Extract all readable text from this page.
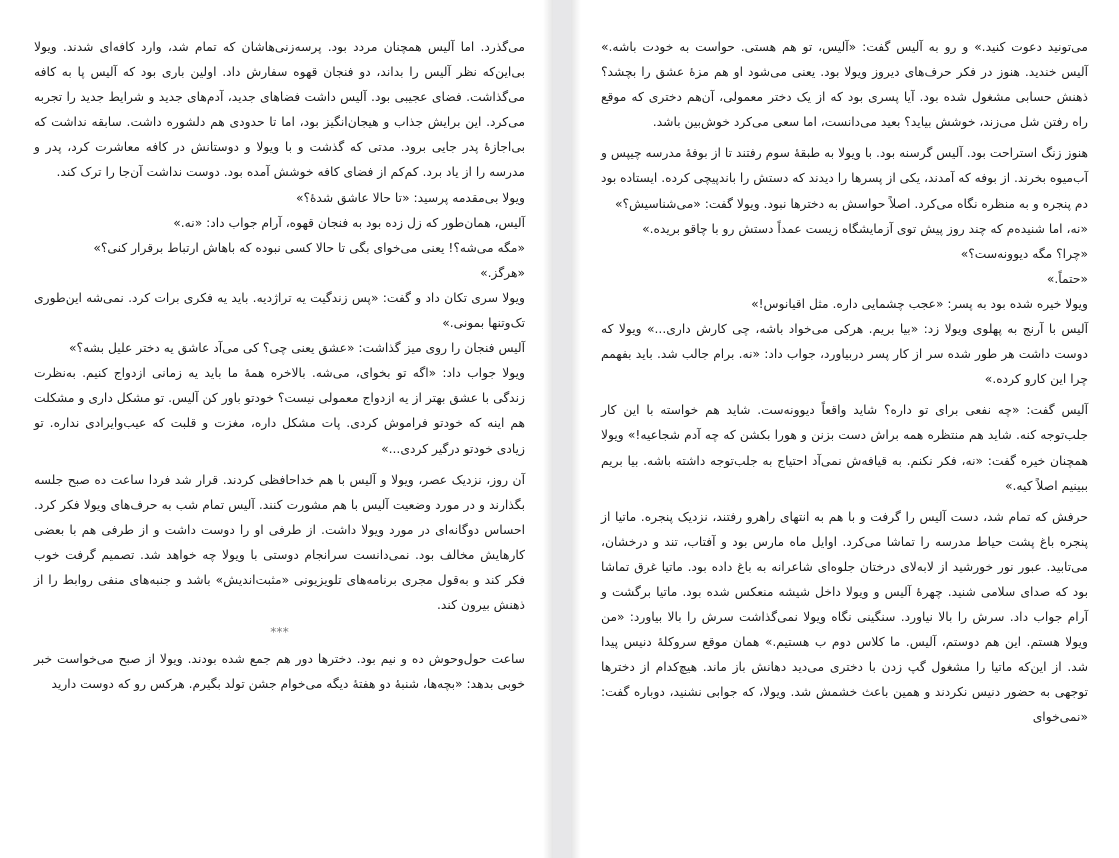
می‌گذرد. اما آلیس همچنان مردد بود. پرسه‌زنی‌هاشان که تمام شد، وارد کافه‌ای شدند. ویولا بی‌این‌که نظر آلیس را بداند، دو فنجان قهوه سفارش داد. اولین باری بود که آلیس پا به کافه می‌گذاشت. فضای عجیبی بود. آلیس داشت فضاهای جدید، آدم‌های جدید و شرایط جدید را تجربه می‌کرد. این برایش جذاب و هیجان‌انگیز بود، اما تا حدودی هم دلشوره داشت. سابقه نداشت که بی‌اجازهٔ پدر جایی برود. مدتی که گذشت و با ویولا و دوستانش در کافه معاشرت کرد، پدر و مدرسه را از یاد برد. کم‌کم از فضای کافه خوشش آمده بود. دوست نداشت آن‌جا را ترک کند.

ویولا بی‌مقدمه پرسید: «تا حالا عاشق شده‌ٔ؟»

آلیس، همان‌طور که زل زده بود به فنجان قهوه، آرام جواب داد: «نه.»

«مگه می‌شه؟! یعنی می‌خوای بگی تا حالا کسی نبوده که باهاش ارتباط برقرار کنی؟»

«هرگز.»

ویولا سری تکان داد و گفت: «پس زندگیت یه تراژدیه. باید یه فکری برات کرد. نمی‌شه این‌طوری تک‌وتنها بمونی.»

آلیس فنجان را روی میز گذاشت: «عشق یعنی چی؟ کی می‌آد عاشق یه دختر علیل بشه؟»

ویولا جواب داد: «اگه تو بخوای، می‌شه. بالاخره همهٔ ما باید یه زمانی ازدواج کنیم. به‌نظرت زندگی با عشق بهتر از یه ازدواج معمولی نیست؟ خودتو باور کن آلیس. تو مشکل داری و مشکلت هم اینه که خودتو فراموش کردی. پات مشکل داره، مغزت و قلبت که عیب‌وایرادی نداره. تو زیادی خودتو درگیر کردی...»

آن روز، نزدیک عصر، ویولا و آلیس با هم خداحافظی کردند. قرار شد فردا ساعت ده صبح جلسه بگذارند و در مورد وضعیت آلیس با هم مشورت کنند. آلیس تمام شب به حرف‌های ویولا فکر کرد. احساس دوگانه‌ای در مورد ویولا داشت. از طرفی او را دوست داشت و از طرفی هم با بعضی کارهایش مخالف بود. نمی‌دانست سرانجام دوستی با ویولا چه خواهد شد. تصمیم گرفت خوب فکر کند و به‌قول مجری برنامه‌های تلویزیونی «مثبت‌اندیش» باشد و جنبه‌های منفی روابط را از ذهنش بیرون کند.

***

ساعت حول‌وحوش ده و نیم بود. دخترها دور هم جمع شده بودند. ویولا از صبح می‌خواست خبر خوبی بدهد: «بچه‌ها، شنبهٔ دو هفتهٔ دیگه می‌خوام جشن تولد بگیرم. هرکس رو که دوست دارید

می‌تونید دعوت کنید.» و رو به آلیس گفت: «آلیس، تو هم هستی. حواست به خودت باشه.» آلیس خندید. هنوز در فکر حرف‌های دیروز ویولا بود. یعنی می‌شود او هم مزهٔ عشق را بچشد؟ ذهنش حسابی مشغول شده بود. آیا پسری بود که از یک دختر معمولی، آن‌هم دختری که موقع راه رفتن شل می‌زند، خوشش بیاید؟ بعید می‌دانست، اما سعی می‌کرد خوش‌بین باشد.

هنوز زنگ استراحت بود. آلیس گرسنه بود. با ویولا به طبقهٔ سوم رفتند تا از بوفهٔ مدرسه چیپس و آب‌میوه بخرند. از بوفه که آمدند، یکی از پسرها را دیدند که دستش را باندپیچی کرده. ایستاده بود دم پنجره و به منظره نگاه می‌کرد. اصلاً حواسش به دخترها نبود. ویولا گفت: «می‌شناسیش؟»

«نه، اما شنیده‌م که چند روز پیش توی آزمایشگاه زیست عمداً دستش رو با چاقو بریده.»

«چرا؟ مگه دیوونه‌ست؟»

«حتماً.»

ویولا خیره شده بود به پسر: «عجب چشمایی داره. مثل اقیانوس!»

آلیس با آرنج به پهلوی ویولا زد: «بیا بریم. هرکی می‌خواد باشه، چی کارش داری...» ویولا که دوست داشت هر طور شده سر از کار پسر دربیاورد، جواب داد: «نه. برام جالب شد. باید بفهمم چرا این کارو کرده.»

آلیس گفت: «چه نفعی برای تو داره؟ شاید واقعاً دیوونه‌ست. شاید هم خواسته با این کار جلب‌توجه کنه. شاید هم منتظره همه براش دست بزنن و هورا بکشن که چه آدم شجاعیه!» ویولا همچنان خیره گفت: «نه، فکر نکنم. به قیافه‌ش نمی‌آد احتیاج به جلب‌توجه داشته باشه. بیا بریم ببینیم اصلاً کیه.»

حرفش که تمام شد، دست آلیس را گرفت و با هم به انتهای راهرو رفتند، نزدیک پنجره. ماتیا از پنجره باغ پشت حیاط مدرسه را تماشا می‌کرد. اوایل ماه مارس بود و آفتاب، تند و درخشان، می‌تابید. عبور نور خورشید از لابه‌لای درختان جلوه‌ای شاعرانه به باغ داده بود. ماتیا غرق تماشا بود که صدای سلامی شنید. چهرهٔ آلیس و ویولا داخل شیشه منعکس شده بود. ماتیا برگشت و آرام جواب داد. سرش را بالا نیاورد. سنگینی نگاه ویولا نمی‌گذاشت سرش را بالا بیاورد: «من ویولا هستم. این هم دوستم، آلیس. ما کلاس دوم ب هستیم.» همان موقع سروکلهٔ دنیس پیدا شد. از این‌که ماتیا را مشغول گپ زدن با دختری می‌دید دهانش باز ماند. هیچ‌کدام از دخترها توجهی به حضور دنیس نکردند و همین باعث خشمش شد. ویولا، که جوابی نشنید، دوباره گفت: «نمی‌خوای
